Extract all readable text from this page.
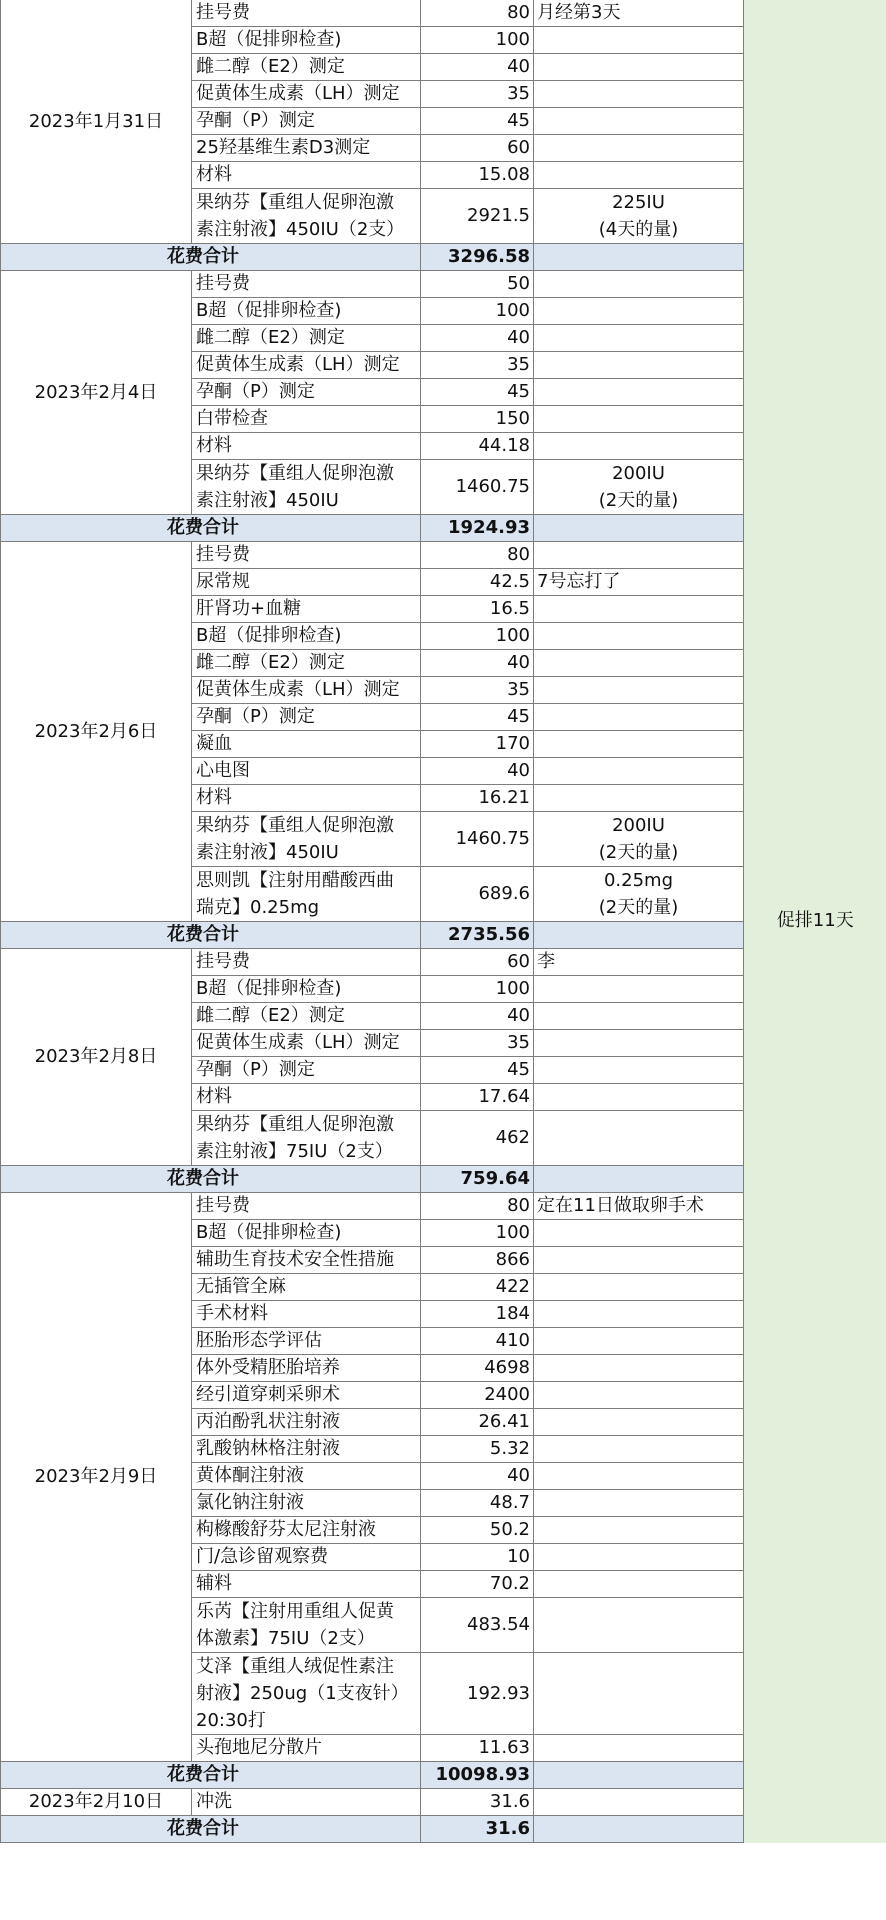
2023年1月31日	挂号费	80	月经第3天	促排11天
	B超（促排卵检查)	100		
	雌二醇（E2）测定	40		
	促黄体生成素（LH）测定	35		
	孕酮（P）测定	45		
	25羟基维生素D3测定	60		
	材料	15.08		
	果纳芬【重组人促卵泡激
素注射液】450IU（2支）	2921.5	225IU
(4天的量)	
花费合计		3296.58		
2023年2月4日	挂号费	50		
	B超（促排卵检查)	100		
	雌二醇（E2）测定	40		
	促黄体生成素（LH）测定	35		
	孕酮（P）测定	45		
	白带检查	150		
	材料	44.18		
	果纳芬【重组人促卵泡激
素注射液】450IU	1460.75	200IU
(2天的量)	
花费合计		1924.93		
2023年2月6日	挂号费	80		
	尿常规	42.5	7号忘打了	
	肝肾功+血糖	16.5		
	B超（促排卵检查)	100		
	雌二醇（E2）测定	40		
	促黄体生成素（LH）测定	35		
	孕酮（P）测定	45		
	凝血	170		
	心电图	40		
	材料	16.21		
	果纳芬【重组人促卵泡激
素注射液】450IU	1460.75	200IU
(2天的量)	
	思则凯【注射用醋酸西曲
瑞克】0.25mg	689.6	0.25mg
(2天的量)	
花费合计		2735.56		
2023年2月8日	挂号费	60	李	
	B超（促排卵检查)	100		
	雌二醇（E2）测定	40		
	促黄体生成素（LH）测定	35		
	孕酮（P）测定	45		
	材料	17.64		
	果纳芬【重组人促卵泡激
素注射液】75IU（2支）	462		
花费合计		759.64		
2023年2月9日	挂号费	80	定在11日做取卵手术	
	B超（促排卵检查)	100		
	辅助生育技术安全性措施	866		
	无插管全麻	422		
	手术材料	184		
	胚胎形态学评估	410		
	体外受精胚胎培养	4698		
	经引道穿刺采卵术	2400		
	丙泊酚乳状注射液	26.41		
	乳酸钠林格注射液	5.32		
	黄体酮注射液	40		
	氯化钠注射液	48.7		
	枸橼酸舒芬太尼注射液	50.2		
	门/急诊留观察费	10		
	辅料	70.2		
	乐芮【注射用重组人促黄
体激素】75IU（2支）	483.54		
	艾泽【重组人绒促性素注
射液】250ug（1支夜针）
20:30打	192.93		
	头孢地尼分散片	11.63		
花费合计		10098.93		
2023年2月10日	冲洗	31.6		
花费合计		31.6		
